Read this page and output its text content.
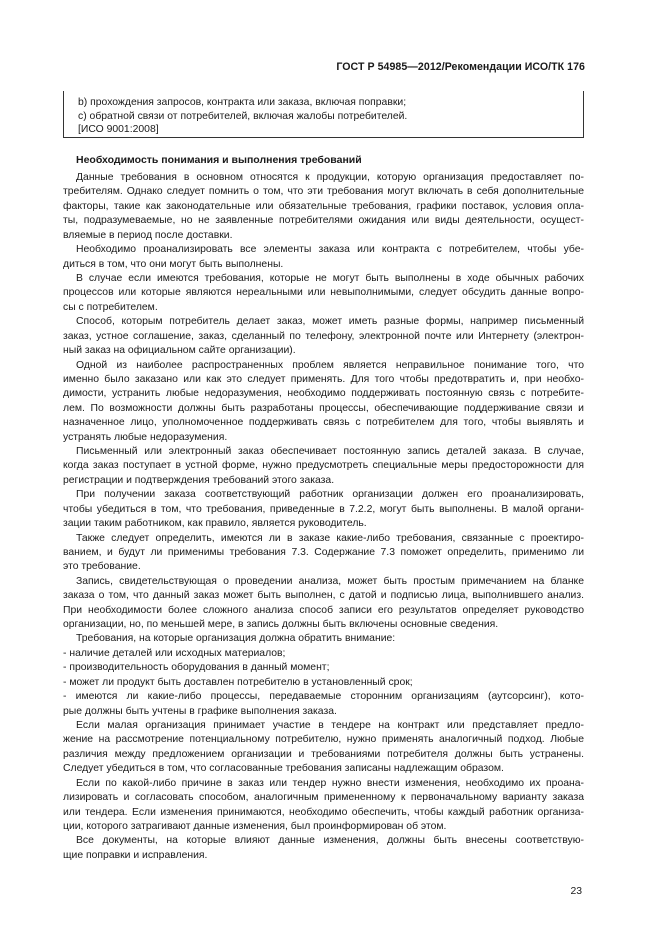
ГОСТ Р 54985—2012/Рекомендации ИСО/ТК 176
b) прохождения запросов, контракта или заказа, включая поправки;
c) обратной связи от потребителей, включая жалобы потребителей.
[ИСО 9001:2008]
Необходимость понимания и выполнения требований
Данные требования в основном относятся к продукции, которую организация предоставляет по-
требителям. Однако следует помнить о том, что эти требования могут включать в себя дополнительные
факторы, такие как законодательные или обязательные требования, графики поставок, условия опла-
ты, подразумеваемые, но не заявленные потребителями ожидания или виды деятельности, осущест-
вляемые в период после доставки.
Необходимо проанализировать все элементы заказа или контракта с потребителем, чтобы убе-
диться в том, что они могут быть выполнены.
В случае если имеются требования, которые не могут быть выполнены в ходе обычных рабочих
процессов или которые являются нереальными или невыполнимыми, следует обсудить данные вопро-
сы с потребителем.
Способ, которым потребитель делает заказ, может иметь разные формы, например письменный
заказ, устное соглашение, заказ, сделанный по телефону, электронной почте или Интернету (электрон-
ный заказ на официальном сайте организации).
Одной из наиболее распространенных проблем является неправильное понимание того, что
именно было заказано или как это следует применять. Для того чтобы предотвратить и, при необхо-
димости, устранить любые недоразумения, необходимо поддерживать постоянную связь с потребите-
лем. По возможности должны быть разработаны процессы, обеспечивающие поддерживание связи и
назначенное лицо, уполномоченное поддерживать связь с потребителем для того, чтобы выявлять и
устранять любые недоразумения.
Письменный или электронный заказ обеспечивает постоянную запись деталей заказа. В случае,
когда заказ поступает в устной форме, нужно предусмотреть специальные меры предосторожности для
регистрации и подтверждения требований этого заказа.
При получении заказа соответствующий работник организации должен его проанализировать,
чтобы убедиться в том, что требования, приведенные в 7.2.2, могут быть выполнены. В малой органи-
зации таким работником, как правило, является руководитель.
Также следует определить, имеются ли в заказе какие-либо требования, связанные с проектиро-
ванием, и будут ли применимы требования 7.3. Содержание 7.3 поможет определить, применимо ли
это требование.
Запись, свидетельствующая о проведении анализа, может быть простым примечанием на бланке
заказа о том, что данный заказ может быть выполнен, с датой и подписью лица, выполнившего анализ.
При необходимости более сложного анализа способ записи его результатов определяет руководство
организации, но, по меньшей мере, в запись должны быть включены основные сведения.
Требования, на которые организация должна обратить внимание:
- наличие деталей или исходных материалов;
- производительность оборудования в данный момент;
- может ли продукт быть доставлен потребителю в установленный срок;
- имеются ли какие-либо процессы, передаваемые сторонним организациям (аутсорсинг), кото-
рые должны быть учтены в графике выполнения заказа.
Если малая организация принимает участие в тендере на контракт или представляет предло-
жение на рассмотрение потенциальному потребителю, нужно применять аналогичный подход. Любые
различия между предложением организации и требованиями потребителя должны быть устранены.
Следует убедиться в том, что согласованные требования записаны надлежащим образом.
Если по какой-либо причине в заказ или тендер нужно внести изменения, необходимо их проана-
лизировать и согласовать способом, аналогичным примененному к первоначальному варианту заказа
или тендера. Если изменения принимаются, необходимо обеспечить, чтобы каждый работник организа-
ции, которого затрагивают данные изменения, был проинформирован об этом.
Все документы, на которые влияют данные изменения, должны быть внесены соответствую-
щие поправки и исправления.
23
